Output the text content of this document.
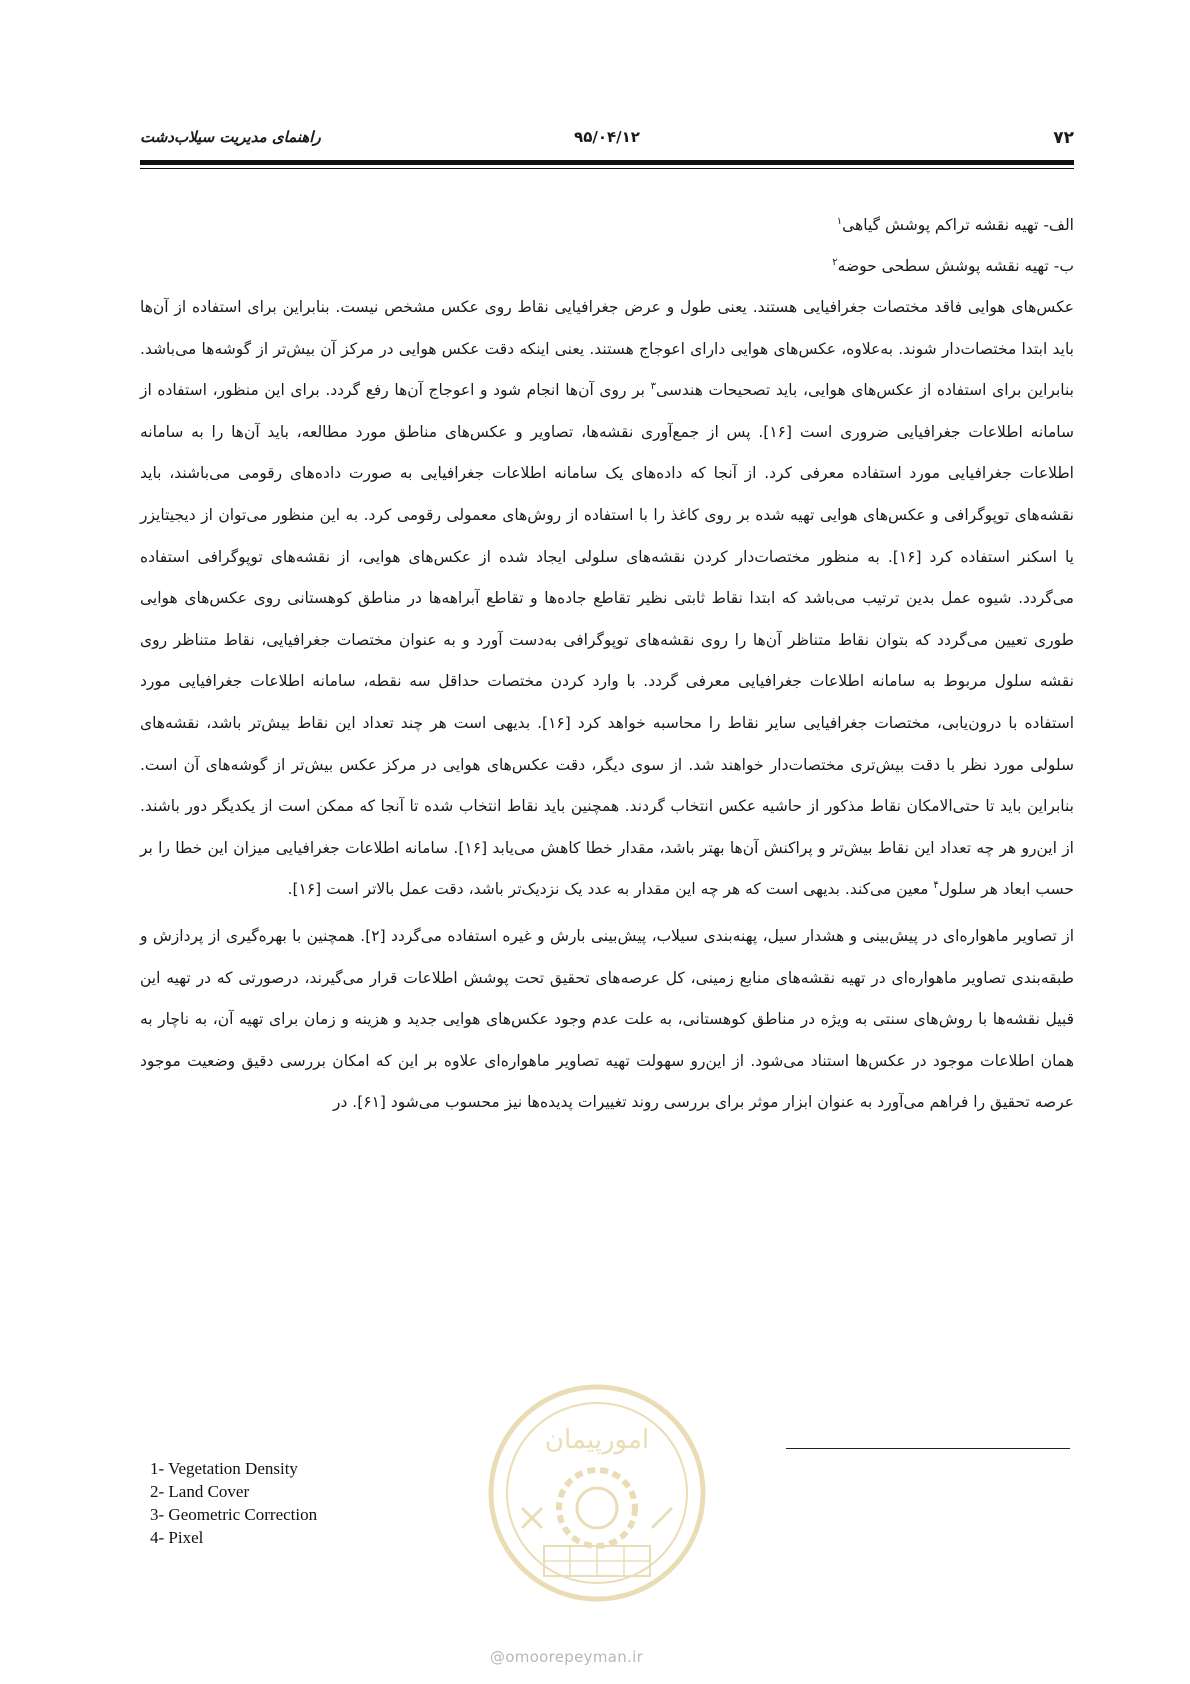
۷۲
۹۵/۰۴/۱۲
راهنمای مدیریت سیلاب‌دشت
الف- تهیه نقشه تراکم پوشش گیاهی$^۱$
ب- تهیه نقشه پوشش سطحی حوضه$^۲$

عکس‌های هوایی فاقد مختصات جغرافیایی هستند. یعنی طول و عرض جغرافیایی نقاط روی عکس مشخص نیست. بنابراین برای استفاده از آن‌ها باید ابتدا مختصات‌دار شوند. به‌علاوه، عکس‌های هوایی دارای اعوجاج هستند. یعنی اینکه دقت عکس هوایی در مرکز آن بیش‌تر از گوشه‌ها می‌باشد. بنابراین برای استفاده از عکس‌های هوایی، باید تصحیحات هندسی$^۳$ بر روی آن‌ها انجام شود و اعوجاج آن‌ها رفع گردد. برای این منظور، استفاده از سامانه اطلاعات جغرافیایی ضروری است [۱۶]. پس از جمع‌آوری نقشه‌ها، تصاویر و عکس‌های مناطق مورد مطالعه، باید آن‌ها را به سامانه اطلاعات جغرافیایی مورد استفاده معرفی کرد. از آنجا که داده‌های یک سامانه اطلاعات جغرافیایی به صورت داده‌های رقومی می‌باشند، باید نقشه‌های توپوگرافی و عکس‌های هوایی تهیه شده بر روی کاغذ را با استفاده از روش‌های معمولی رقومی کرد. به این منظور می‌توان از دیجیتایزر یا اسکنر استفاده کرد [۱۶]. به منظور مختصات‌دار کردن نقشه‌های سلولی ایجاد شده از عکس‌های هوایی، از نقشه‌های توپوگرافی استفاده می‌گردد. شیوه عمل بدین ترتیب می‌باشد که ابتدا نقاط ثابتی نظیر تقاطع جاده‌ها و تقاطع آبراهه‌ها در مناطق کوهستانی روی عکس‌های هوایی طوری تعیین می‌گردد که بتوان نقاط متناظر آن‌ها را روی نقشه‌های توپوگرافی به‌دست آورد و به عنوان مختصات جغرافیایی، نقاط متناظر روی نقشه سلول مربوط به سامانه اطلاعات جغرافیایی معرفی گردد. با وارد کردن مختصات حداقل سه نقطه، سامانه اطلاعات جغرافیایی مورد استفاده با درون‌یابی، مختصات جغرافیایی سایر نقاط را محاسبه خواهد کرد [۱۶]. بدیهی است هر چند تعداد این نقاط بیش‌تر باشد، نقشه‌های سلولی مورد نظر با دقت بیش‌تری مختصات‌دار خواهند شد. از سوی دیگر، دقت عکس‌های هوایی در مرکز عکس بیش‌تر از گوشه‌های آن است. بنابراین باید تا حتی‌الامکان نقاط مذکور از حاشیه عکس انتخاب گردند. همچنین باید نقاط انتخاب شده تا آنجا که ممکن است از یکدیگر دور باشند. از این‌رو هر چه تعداد این نقاط بیش‌تر و پراکنش آن‌ها بهتر باشد، مقدار خطا کاهش می‌یابد [۱۶]. سامانه اطلاعات جغرافیایی میزان این خطا را بر حسب ابعاد هر سلول$^۴$ معین می‌کند. بدیهی است که هر چه این مقدار به عدد یک نزدیک‌تر باشد، دقت عمل بالاتر است [۱۶].

از تصاویر ماهواره‌ای در پیش‌بینی و هشدار سیل، پهنه‌بندی سیلاب، پیش‌بینی بارش و غیره استفاده می‌گردد [۲]. همچنین با بهره‌گیری از پردازش و طبقه‌بندی تصاویر ماهواره‌ای در تهیه نقشه‌های منابع زمینی، کل عرصه‌های تحقیق تحت پوشش اطلاعات قرار می‌گیرند، درصورتی که در تهیه این قبیل نقشه‌ها با روش‌های سنتی به ویژه در مناطق کوهستانی، به علت عدم وجود عکس‌های هوایی جدید و هزینه و زمان برای تهیه آن، به ناچار به همان اطلاعات موجود در عکس‌ها استناد می‌شود. از این‌رو سهولت تهیه تصاویر ماهواره‌ای علاوه بر این که امکان بررسی دقیق وضعیت موجود عرصه تحقیق را فراهم می‌آورد به عنوان ابزار موثر برای بررسی روند تغییرات پدیده‌ها نیز محسوب می‌شود [۶۱]. در

1- Vegetation Density
2- Land Cover
3- Geometric Correction
4- Pixel
امورپیمان
@omoorepeyman.ir
